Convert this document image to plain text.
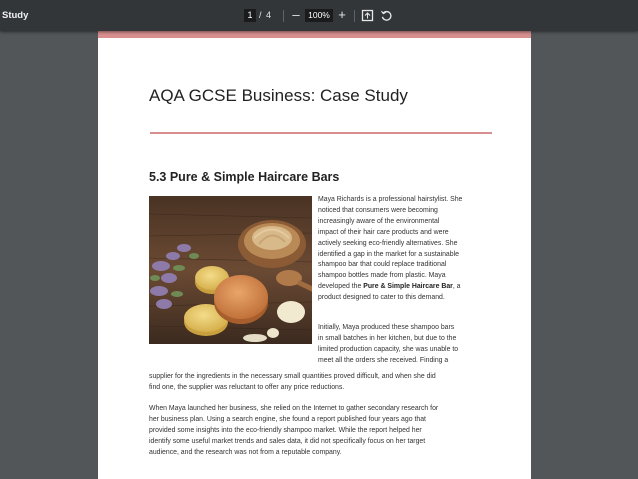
Study	1 / 4 –	100% +
AQA GCSE Business: Case Study
5.3 Pure & Simple Haircare Bars

Maya Richards is a professional hairstylist. She

noticed that consumers were becoming

increasingly aware of the environmental

impact of their hair care products and were

actively seeking eco-friendly alternatives. She

identified a gap in the market for a sustainable

shampoo bar that could replace traditional

shampoo bottles made from plastic. Maya

developed the Pure & Simple Haircare Bar, a

product designed to cater to this demand.

Initially, Maya produced these shampoo bars

in small batches in her kitchen, but due to the

limited production capacity, she was unable to

meet all the orders she received. Finding a

supplier for the ingredients in the necessary small quantities proved difficult, and when she did

find one, the supplier was reluctant to offer any price reductions.

When Maya launched her business, she relied on the Internet to gather secondary research for

her business plan. Using a search engine, she found a report published four years ago that

provided some insights into the eco-friendly shampoo market. While the report helped her

identify some useful market trends and sales data, it did not specifically focus on her target

audience, and the research was not from a reputable company.
